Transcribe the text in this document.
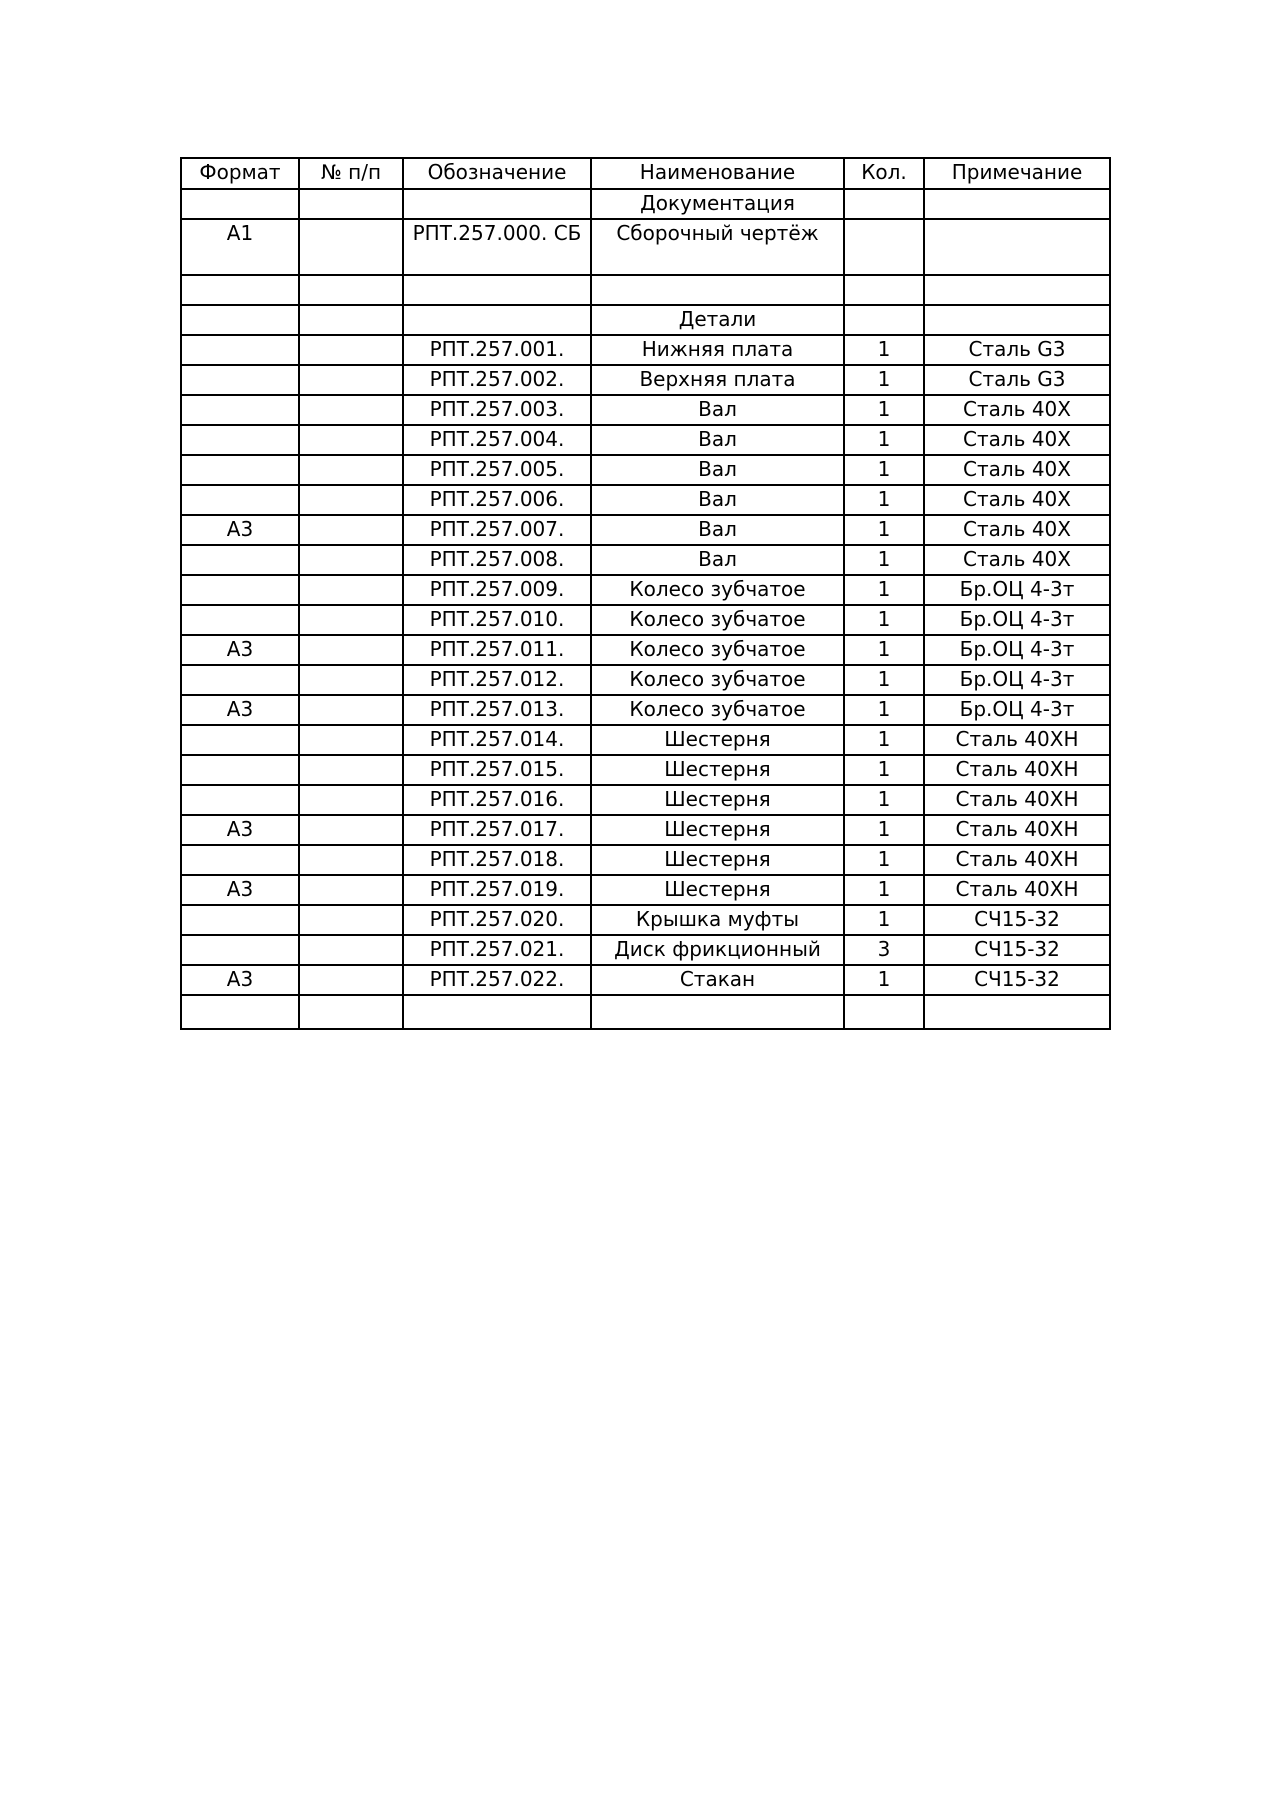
Формат	№ п/п	Обозначение	Наименование	Кол.	Примечание
			Документация		
А1		РПТ.257.000. СБ	Сборочный чертёж		

			Детали		
		РПТ.257.001.	Нижняя плата	1	Сталь G3
		РПТ.257.002.	Верхняя плата	1	Сталь G3
		РПТ.257.003.	Вал	1	Сталь 40Х
		РПТ.257.004.	Вал	1	Сталь 40Х
		РПТ.257.005.	Вал	1	Сталь 40Х
		РПТ.257.006.	Вал	1	Сталь 40Х
А3		РПТ.257.007.	Вал	1	Сталь 40Х
		РПТ.257.008.	Вал	1	Сталь 40Х
		РПТ.257.009.	Колесо зубчатое	1	Бр.ОЦ 4-3т
		РПТ.257.010.	Колесо зубчатое	1	Бр.ОЦ 4-3т
А3		РПТ.257.011.	Колесо зубчатое	1	Бр.ОЦ 4-3т
		РПТ.257.012.	Колесо зубчатое	1	Бр.ОЦ 4-3т
А3		РПТ.257.013.	Колесо зубчатое	1	Бр.ОЦ 4-3т
		РПТ.257.014.	Шестерня	1	Сталь 40ХН
		РПТ.257.015.	Шестерня	1	Сталь 40ХН
		РПТ.257.016.	Шестерня	1	Сталь 40ХН
А3		РПТ.257.017.	Шестерня	1	Сталь 40ХН
		РПТ.257.018.	Шестерня	1	Сталь 40ХН
А3		РПТ.257.019.	Шестерня	1	Сталь 40ХН
		РПТ.257.020.	Крышка муфты	1	СЧ15-32
		РПТ.257.021.	Диск фрикционный	3	СЧ15-32
А3		РПТ.257.022.	Стакан	1	СЧ15-32
